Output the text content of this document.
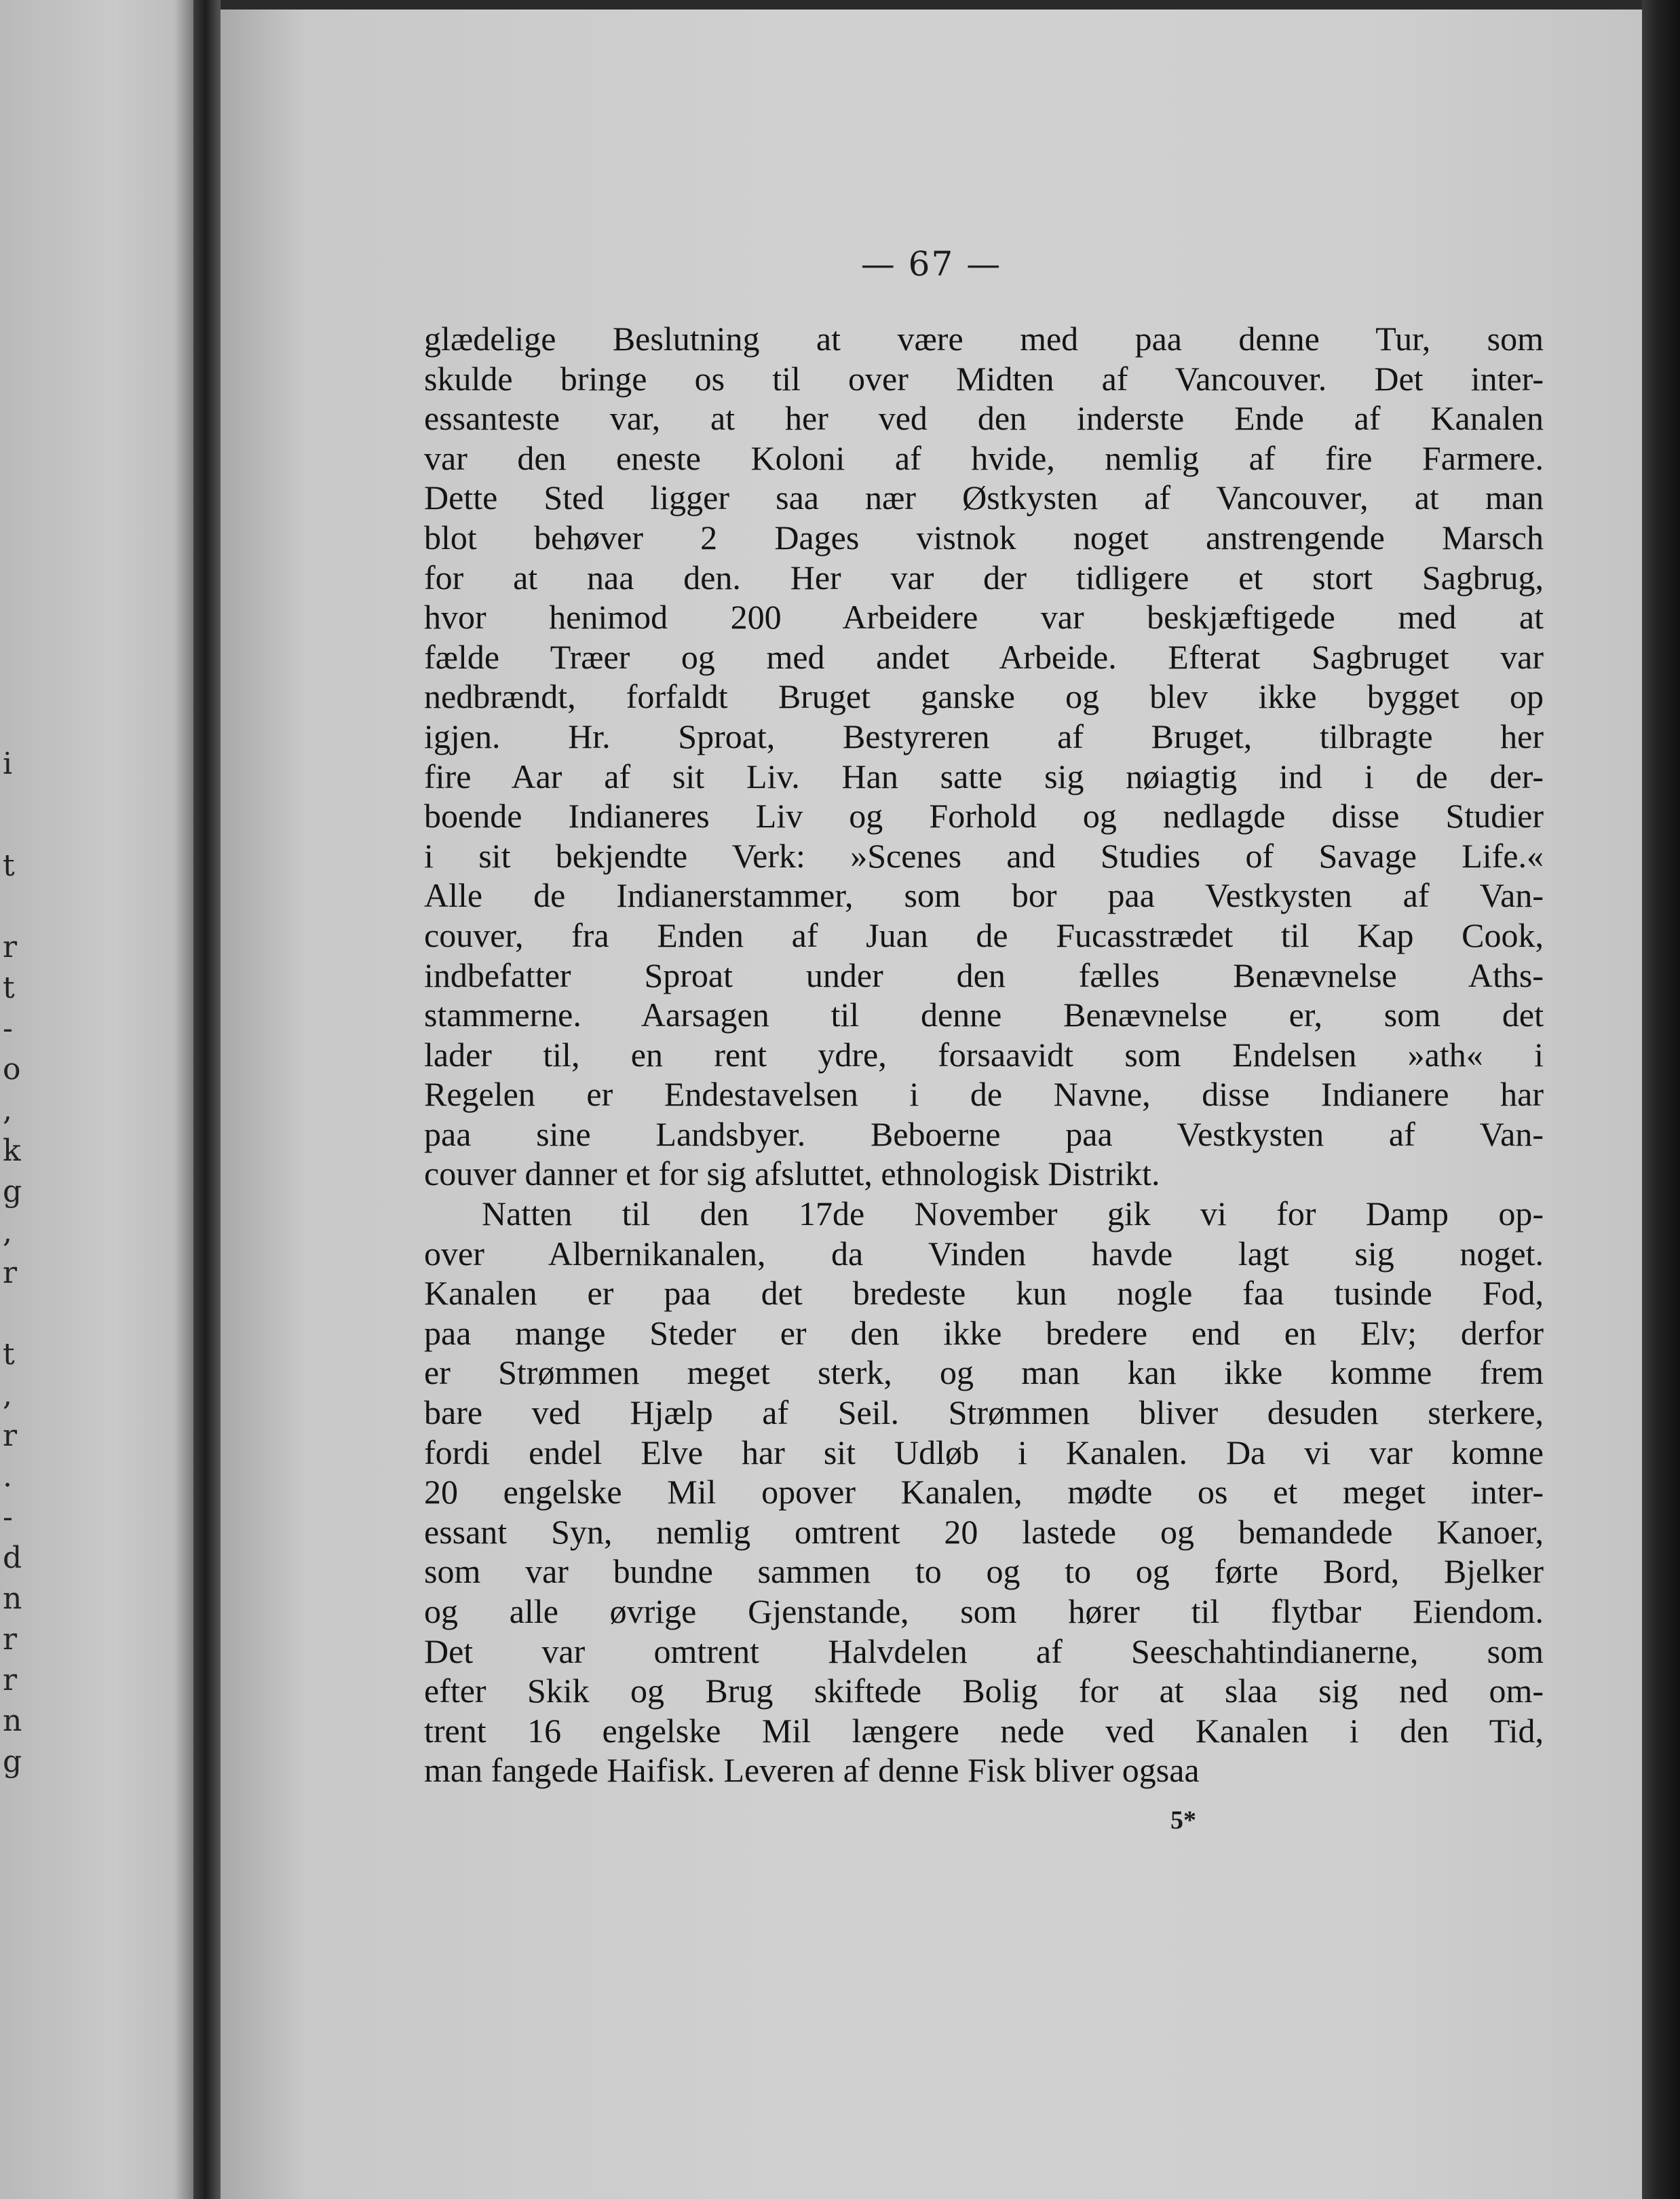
i
t
r
t
-
o
,
k
g
,
r
t
,
r
.
-
d
n
r
r
n
g
— 67 —
glædelige Beslutning at være med paa denne Tur, som
skulde bringe os til over Midten af Vancouver. Det inter-
essanteste var, at her ved den inderste Ende af Kanalen
var den eneste Koloni af hvide, nemlig af fire Farmere.
Dette Sted ligger saa nær Østkysten af Vancouver, at man
blot behøver 2 Dages vistnok noget anstrengende Marsch
for at naa den. Her var der tidligere et stort Sagbrug,
hvor henimod 200 Arbeidere var beskjæftigede med at
fælde Træer og med andet Arbeide. Efterat Sagbruget var
nedbrændt, forfaldt Bruget ganske og blev ikke bygget op
igjen. Hr. Sproat, Bestyreren af Bruget, tilbragte her
fire Aar af sit Liv. Han satte sig nøiagtig ind i de der-
boende Indianeres Liv og Forhold og nedlagde disse Studier
i sit bekjendte Verk: »Scenes and Studies of Savage Life.«
Alle de Indianerstammer, som bor paa Vestkysten af Van-
couver, fra Enden af Juan de Fucasstrædet til Kap Cook,
indbefatter Sproat under den fælles Benævnelse Aths-
stammerne. Aarsagen til denne Benævnelse er, som det
lader til, en rent ydre, forsaavidt som Endelsen »ath« i
Regelen er Endestavelsen i de Navne, disse Indianere har
paa sine Landsbyer. Beboerne paa Vestkysten af Van-
couver danner et for sig afsluttet, ethnologisk Distrikt.
Natten til den 17de November gik vi for Damp op-
over Albernikanalen, da Vinden havde lagt sig noget.
Kanalen er paa det bredeste kun nogle faa tusinde Fod,
paa mange Steder er den ikke bredere end en Elv; derfor
er Strømmen meget sterk, og man kan ikke komme frem
bare ved Hjælp af Seil. Strømmen bliver desuden sterkere,
fordi endel Elve har sit Udløb i Kanalen. Da vi var komne
20 engelske Mil opover Kanalen, mødte os et meget inter-
essant Syn, nemlig omtrent 20 lastede og bemandede Kanoer,
som var bundne sammen to og to og førte Bord, Bjelker
og alle øvrige Gjenstande, som hører til flytbar Eiendom.
Det var omtrent Halvdelen af Seeschahtindianerne, som
efter Skik og Brug skiftede Bolig for at slaa sig ned om-
trent 16 engelske Mil længere nede ved Kanalen i den Tid,
man fangede Haifisk. Leveren af denne Fisk bliver ogsaa
5*
